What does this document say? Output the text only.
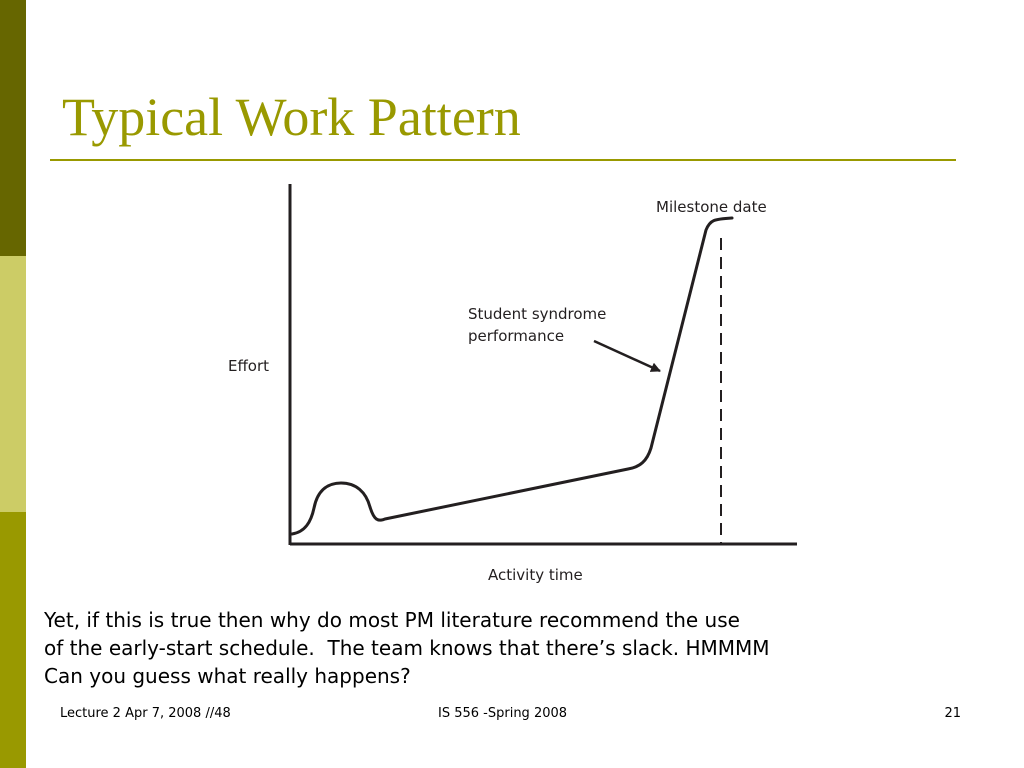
Typical Work Pattern
Effort
Activity time
Milestone date
Student syndrome
performance
Yet, if this is true then why do most PM literature recommend the use
of the early-start schedule.  The team knows that there’s slack. HMMMM
Can you guess what really happens?
Lecture 2 Apr 7, 2008 //48	IS 556 -Spring 2008	21
